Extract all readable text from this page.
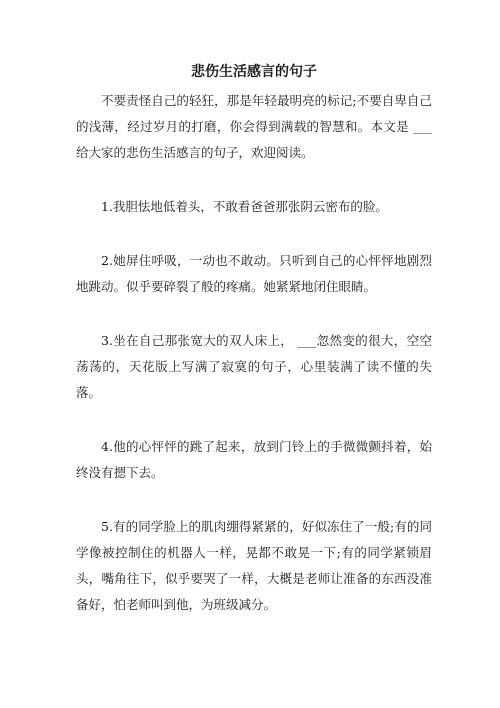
悲伤生活感言的句子

不要责怪自己的轻狂，那是年轻最明亮的标记;不要自卑自己的浅薄，经过岁月的打磨，你会得到满载的智慧和。本文是 ___给大家的悲伤生活感言的句子，欢迎阅读。

1.我胆怯地低着头，不敢看爸爸那张阴云密布的脸。

2.她屏住呼吸，一动也不敢动。只听到自己的心怦怦地剧烈地跳动。似乎要碎裂了般的疼痛。她紧紧地闭住眼睛。

3.坐在自己那张宽大的双人床上， ___忽然变的很大，空空荡荡的，天花版上写满了寂寞的句子，心里装满了读不懂的失落。

4.他的心怦怦的跳了起来，放到门铃上的手微微颤抖着，始终没有摁下去。

5.有的同学脸上的肌肉绷得紧紧的，好似冻住了一般;有的同学像被控制住的机器人一样，晃都不敢晃一下;有的同学紧锁眉头，嘴角往下，似乎要哭了一样，大概是老师让准备的东西没准备好，怕老师叫到他，为班级减分。
